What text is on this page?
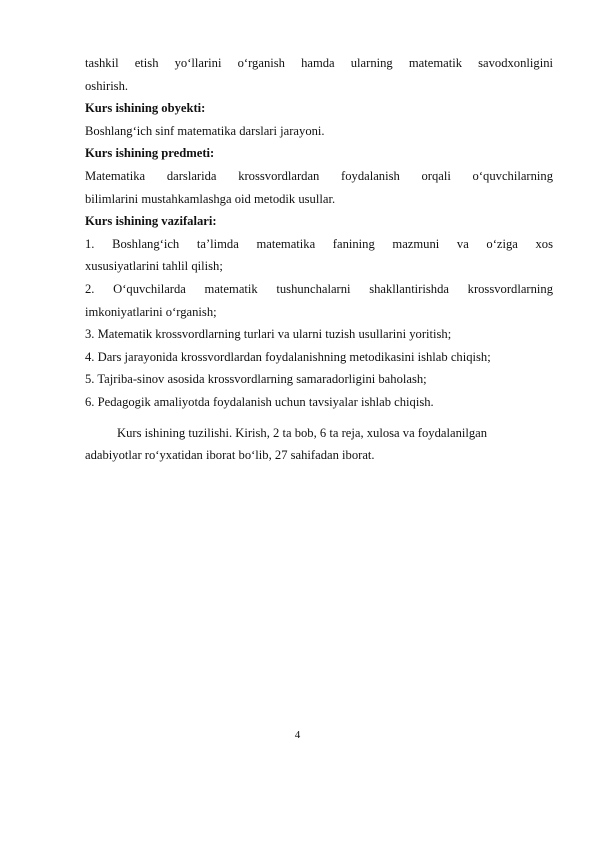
tashkil etish yo‘llarini o‘rganish hamda ularning matematik savodxonligini

oshirish.

Kurs ishining obyekti:

Boshlang‘ich sinf matematika darslari jarayoni.

Kurs ishining predmeti:

Matematika darslarida krossvordlardan foydalanish orqali o‘quvchilarning

bilimlarini mustahkamlashga oid metodik usullar.

Kurs ishining vazifalari:

1. Boshlang‘ich ta’limda matematika fanining mazmuni va o‘ziga xos

xususiyatlarini tahlil qilish;

2. O‘quvchilarda matematik tushunchalarni shakllantirishda krossvordlarning

imkoniyatlarini o‘rganish;

3. Matematik krossvordlarning turlari va ularni tuzish usullarini yoritish;

4. Dars jarayonida krossvordlardan foydalanishning metodikasini ishlab chiqish;

5. Tajriba-sinov asosida krossvordlarning samaradorligini baholash;

6. Pedagogik amaliyotda foydalanish uchun tavsiyalar ishlab chiqish.

Kurs ishining tuzilishi. Kirish, 2 ta bob, 6 ta reja, xulosa va foydalanilgan

adabiyotlar ro‘yxatidan iborat bo‘lib, 27 sahifadan iborat.

4
